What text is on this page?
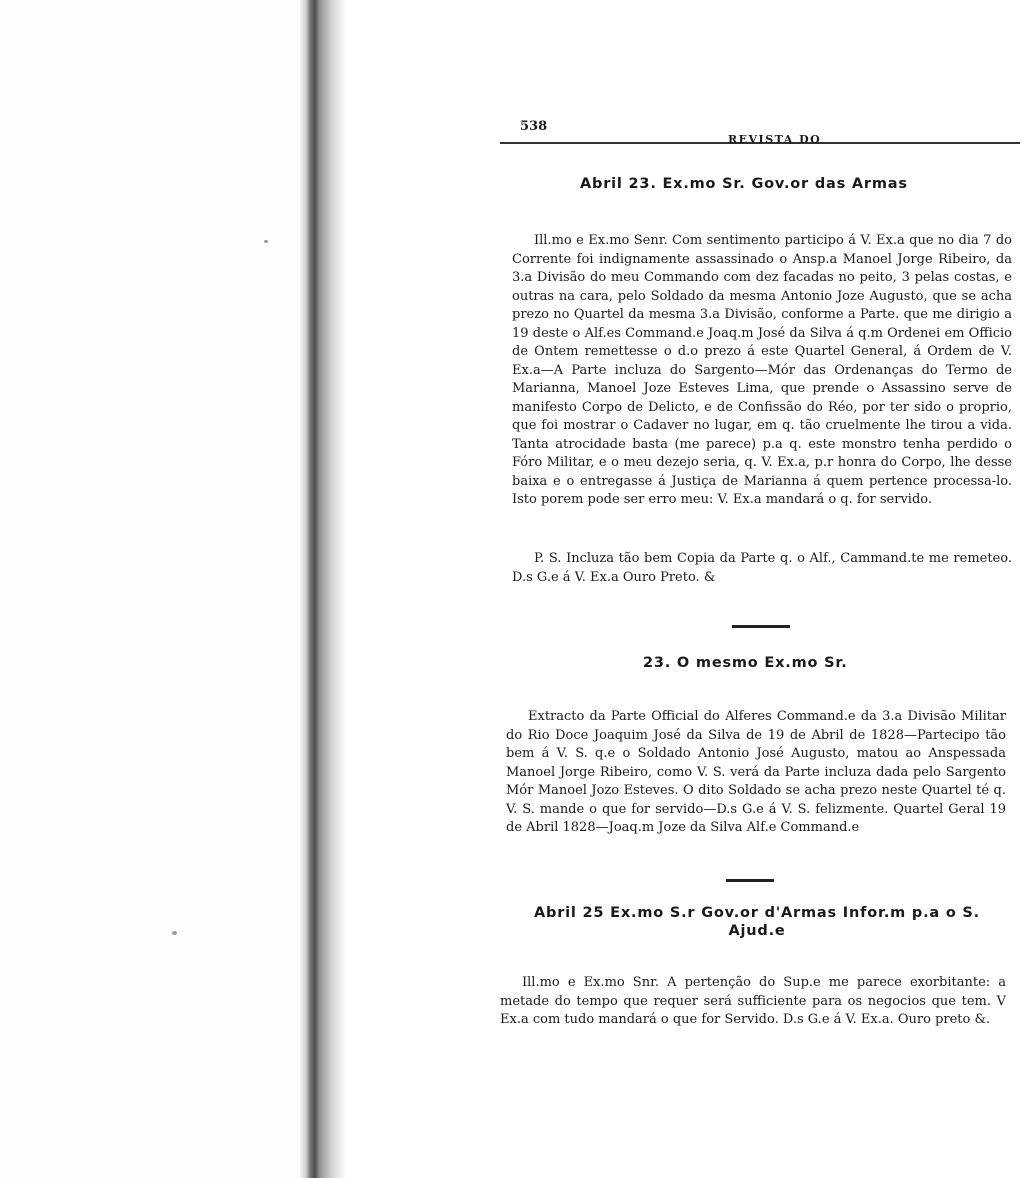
538
REVISTA DO
Abril 23. Ex.mo Sr. Gov.or das Armas

Ill.mo e Ex.mo Senr. Com sentimento participo á V. Ex.a que no dia 7 do Corrente foi indignamente assassinado o Ansp.a Manoel Jorge Ribeiro, da 3.a Divisão do meu Commando com dez facadas no peito, 3 pelas costas, e outras na cara, pelo Soldado da mesma Antonio Joze Augusto, que se acha prezo no Quartel da mesma 3.a Divisão, conforme a Parte. que me dirigio a 19 deste o Alf.es Command.e Joaq.m José da Silva á q.m Ordenei em Officio de Ontem remettesse o d.o prezo á este Quartel General, á Ordem de V. Ex.a—A Parte incluza do Sargento—Mór das Ordenanças do Termo de Marianna, Manoel Joze Esteves Lima, que prende o Assassino serve de manifesto Corpo de Delicto, e de Confissão do Réo, por ter sido o proprio, que foi mostrar o Cadaver no lugar, em q. tão cruelmente lhe tirou a vida. Tanta atrocidade basta (me parece) p.a q. este monstro tenha perdido o Fóro Militar, e o meu dezejo seria, q. V. Ex.a, p.r honra do Corpo, lhe desse baixa e o entregasse á Justiça de Marianna á quem pertence processa-lo. Isto porem pode ser erro meu: V. Ex.a mandará o q. for servido.

P. S. Incluza tão bem Copia da Parte q. o Alf., Cammand.te me remeteo. D.s G.e á V. Ex.a Ouro Preto. &

23. O mesmo Ex.mo Sr.

Extracto da Parte Official do Alferes Command.e da 3.a Divisão Militar do Rio Doce Joaquim José da Silva de 19 de Abril de 1828—Partecipo tão bem á V. S. q.e o Soldado Antonio José Augusto, matou ao Anspessada Manoel Jorge Ribeiro, como V. S. verá da Parte incluza dada pelo Sargento Mór Manoel Jozo Esteves. O dito Soldado se acha prezo neste Quartel té q. V. S. mande o que for servido—D.s G.e á V. S. felizmente. Quartel Geral 19 de Abril 1828—Joaq.m Joze da Silva Alf.e Command.e

Abril 25 Ex.mo S.r Gov.or d'Armas Infor.m p.a o S. Ajud.e

Ill.mo e Ex.mo Snr. A pertenção do Sup.e me parece exorbitante: a metade do tempo que requer será sufficiente para os negocios que tem. V Ex.a com tudo mandará o que for Servido. D.s G.e á V. Ex.a. Ouro preto &.
